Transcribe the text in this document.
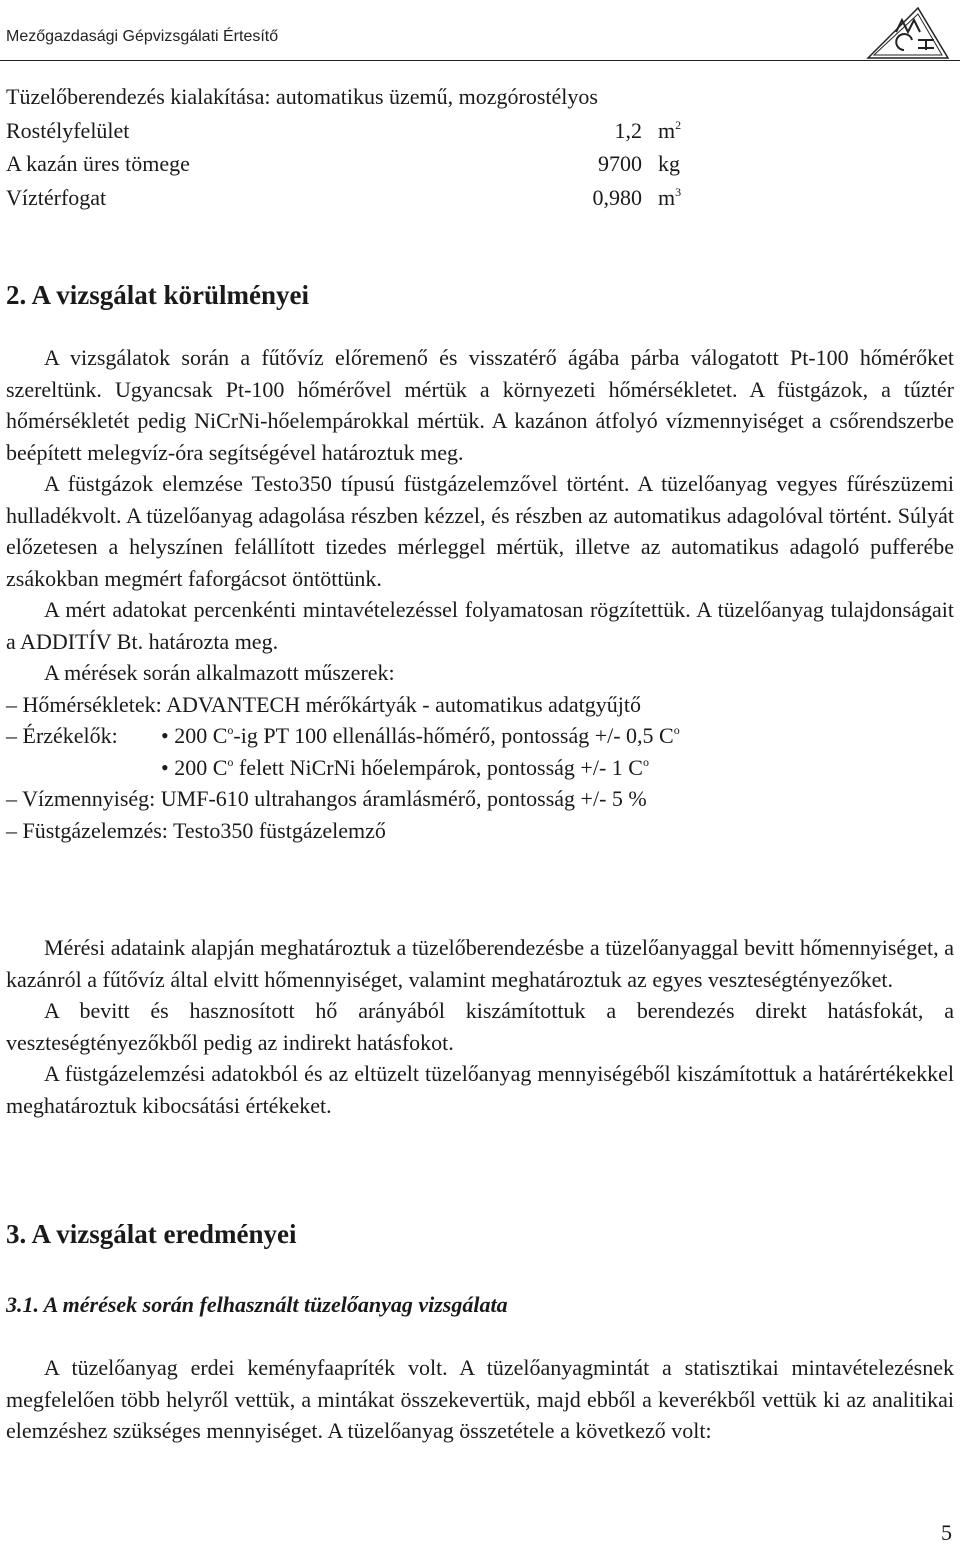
Mezőgazdasági Gépvizsgálati Értesítő
Tüzelőberendezés kialakítása: automatikus üzemű, mozgórostélyos
Rostélyfelület	1,2 $m^2$
A kazán üres tömege	9700 kg
Víztérfogat	0,980 $m^3$
2. A vizsgálat körülményei

A vizsgálatok során a fűtővíz előremenő és visszatérő ágába párba válogatott Pt-100 hőmérőket szereltünk. Ugyancsak Pt-100 hőmérővel mértük a környezeti hőmérsékletet. A füstgázok, a tűztér hőmérsékletét pedig NiCrNi-hőelempárokkal mértük. A kazánon átfolyó vízmennyiséget a csőrendszerbe beépített melegvíz-óra segítségével határoztuk meg.

A füstgázok elemzése Testo350 típusú füstgázelemzővel történt. A tüzelőanyag vegyes fűrészüzemi hulladékvolt. A tüzelőanyag adagolása részben kézzel, és részben az automatikus adagolóval történt. Súlyát előzetesen a helyszínen felállított tizedes mérleggel mértük, illetve az automatikus adagoló pufferébe zsákokban megmért faforgácsot öntöttünk.

A mért adatokat percenkénti mintavételezéssel folyamatosan rögzítettük. A tüzelőanyag tulajdonságait a ADDITÍV Bt. határozta meg.

A mérések során alkalmazott műszerek:

– Hőmérsékletek: ADVANTECH mérőkártyák - automatikus adatgyűjtő
– Érzékelők: • 200 $C^o-ig$ PT 100 ellenállás-hőmérő, pontosság +/- 0,5 $C^o$
• 200 $C^o$ felett NiCrNi hőelempárok, pontosság +/- 1 $C^o$
– Vízmennyiség: UMF-610 ultrahangos áramlásmérő, pontosság +/- 5 %
– Füstgázelemzés: Testo350 füstgázelemző

Mérési adataink alapján meghatároztuk a tüzelőberendezésbe a tüzelőanyaggal bevitt hőmennyiséget, a kazánról a fűtővíz által elvitt hőmennyiséget, valamint meghatároztuk az egyes veszteségtényezőket.

A bevitt és hasznosított hő arányából kiszámítottuk a berendezés direkt hatásfokát, a veszteségtényezőkből pedig az indirekt hatásfokot.

A füstgázelemzési adatokból és az eltüzelt tüzelőanyag mennyiségéből kiszámítottuk a határértékekkel meghatároztuk kibocsátási értékeket.

3. A vizsgálat eredményei
3.1. A mérések során felhasznált tüzelőanyag vizsgálata

A tüzelőanyag erdei keményfaapríték volt. A tüzelőanyagmintát a statisztikai mintavételezésnek megfelelően több helyről vettük, a mintákat összekevertük, majd ebből a keverékből vettük ki az analitikai elemzéshez szükséges mennyiséget. A tüzelőanyag összetétele a következő volt:

5
